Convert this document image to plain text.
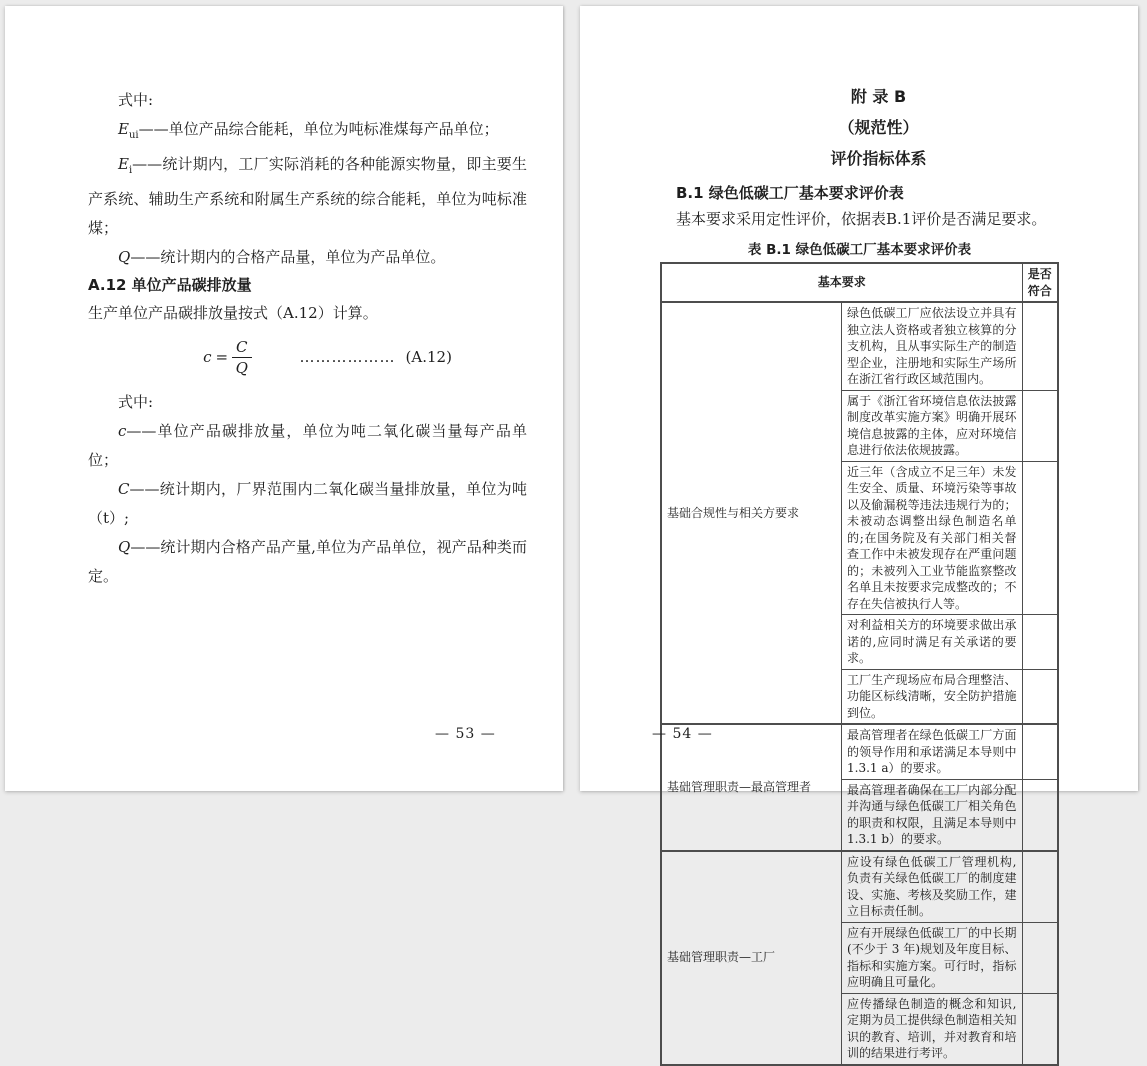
式中:

$E_{ui}——$单位产品综合能耗，单位为吨标准煤每产品单位；

$E_i——$统计期内，工厂实际消耗的各种能源实物量，即主要生产系统、辅助生产系统和附属生产系统的综合能耗，单位为吨标准煤；

Q——统计期内的合格产品量，单位为产品单位。

A.12 单位产品碳排放量

生产单位产品碳排放量按式（A.12）计算。

$c = \frac{C}{Q}$	……………… (A.12)

式中:

c——单位产品碳排放量，单位为吨二氧化碳当量每产品单位；

C——统计期内，厂界范围内二氧化碳当量排放量，单位为吨（t）;

Q——统计期内合格产品产量,单位为产品单位，视产品种类而定。

— 53 —
附 录 B
（规范性）
评价指标体系

B.1 绿色低碳工厂基本要求评价表

基本要求采用定性评价，依据表B.1评价是否满足要求。

表 B.1 绿色低碳工厂基本要求评价表
基本要求		是否符合
基础合规性与相关方要求	绿色低碳工厂应依法设立并具有独立法人资格或者独立核算的分支机构，且从事实际生产的制造型企业，注册地和实际生产场所在浙江省行政区域范围内。	
	属于《浙江省环境信息依法披露制度改革实施方案》明确开展环境信息披露的主体，应对环境信息进行依法依规披露。	
	近三年（含成立不足三年）未发生安全、质量、环境污染等事故以及偷漏税等违法违规行为的；未被动态调整出绿色制造名单的;在国务院及有关部门相关督查工作中未被发现存在严重问题的；未被列入工业节能监察整改名单且未按要求完成整改的；不存在失信被执行人等。	
	对利益相关方的环境要求做出承诺的,应同时满足有关承诺的要求。	
	工厂生产现场应布局合理整洁、功能区标线清晰，安全防护措施到位。	
基础管理职责—最高管理者	最高管理者在绿色低碳工厂方面的领导作用和承诺满足本导则中 1.3.1 a）的要求。	
	最高管理者确保在工厂内部分配并沟通与绿色低碳工厂相关角色的职责和权限，且满足本导则中 1.3.1 b）的要求。	
基础管理职责—工厂	应设有绿色低碳工厂管理机构,负责有关绿色低碳工厂的制度建设、实施、考核及奖励工作，建立目标责任制。	
	应有开展绿色低碳工厂的中长期(不少于 3 年)规划及年度目标、指标和实施方案。可行时，指标应明确且可量化。	
	应传播绿色制造的概念和知识,定期为员工提供绿色制造相关知识的教育、培训，并对教育和培训的结果进行考评。	
— 54 —
